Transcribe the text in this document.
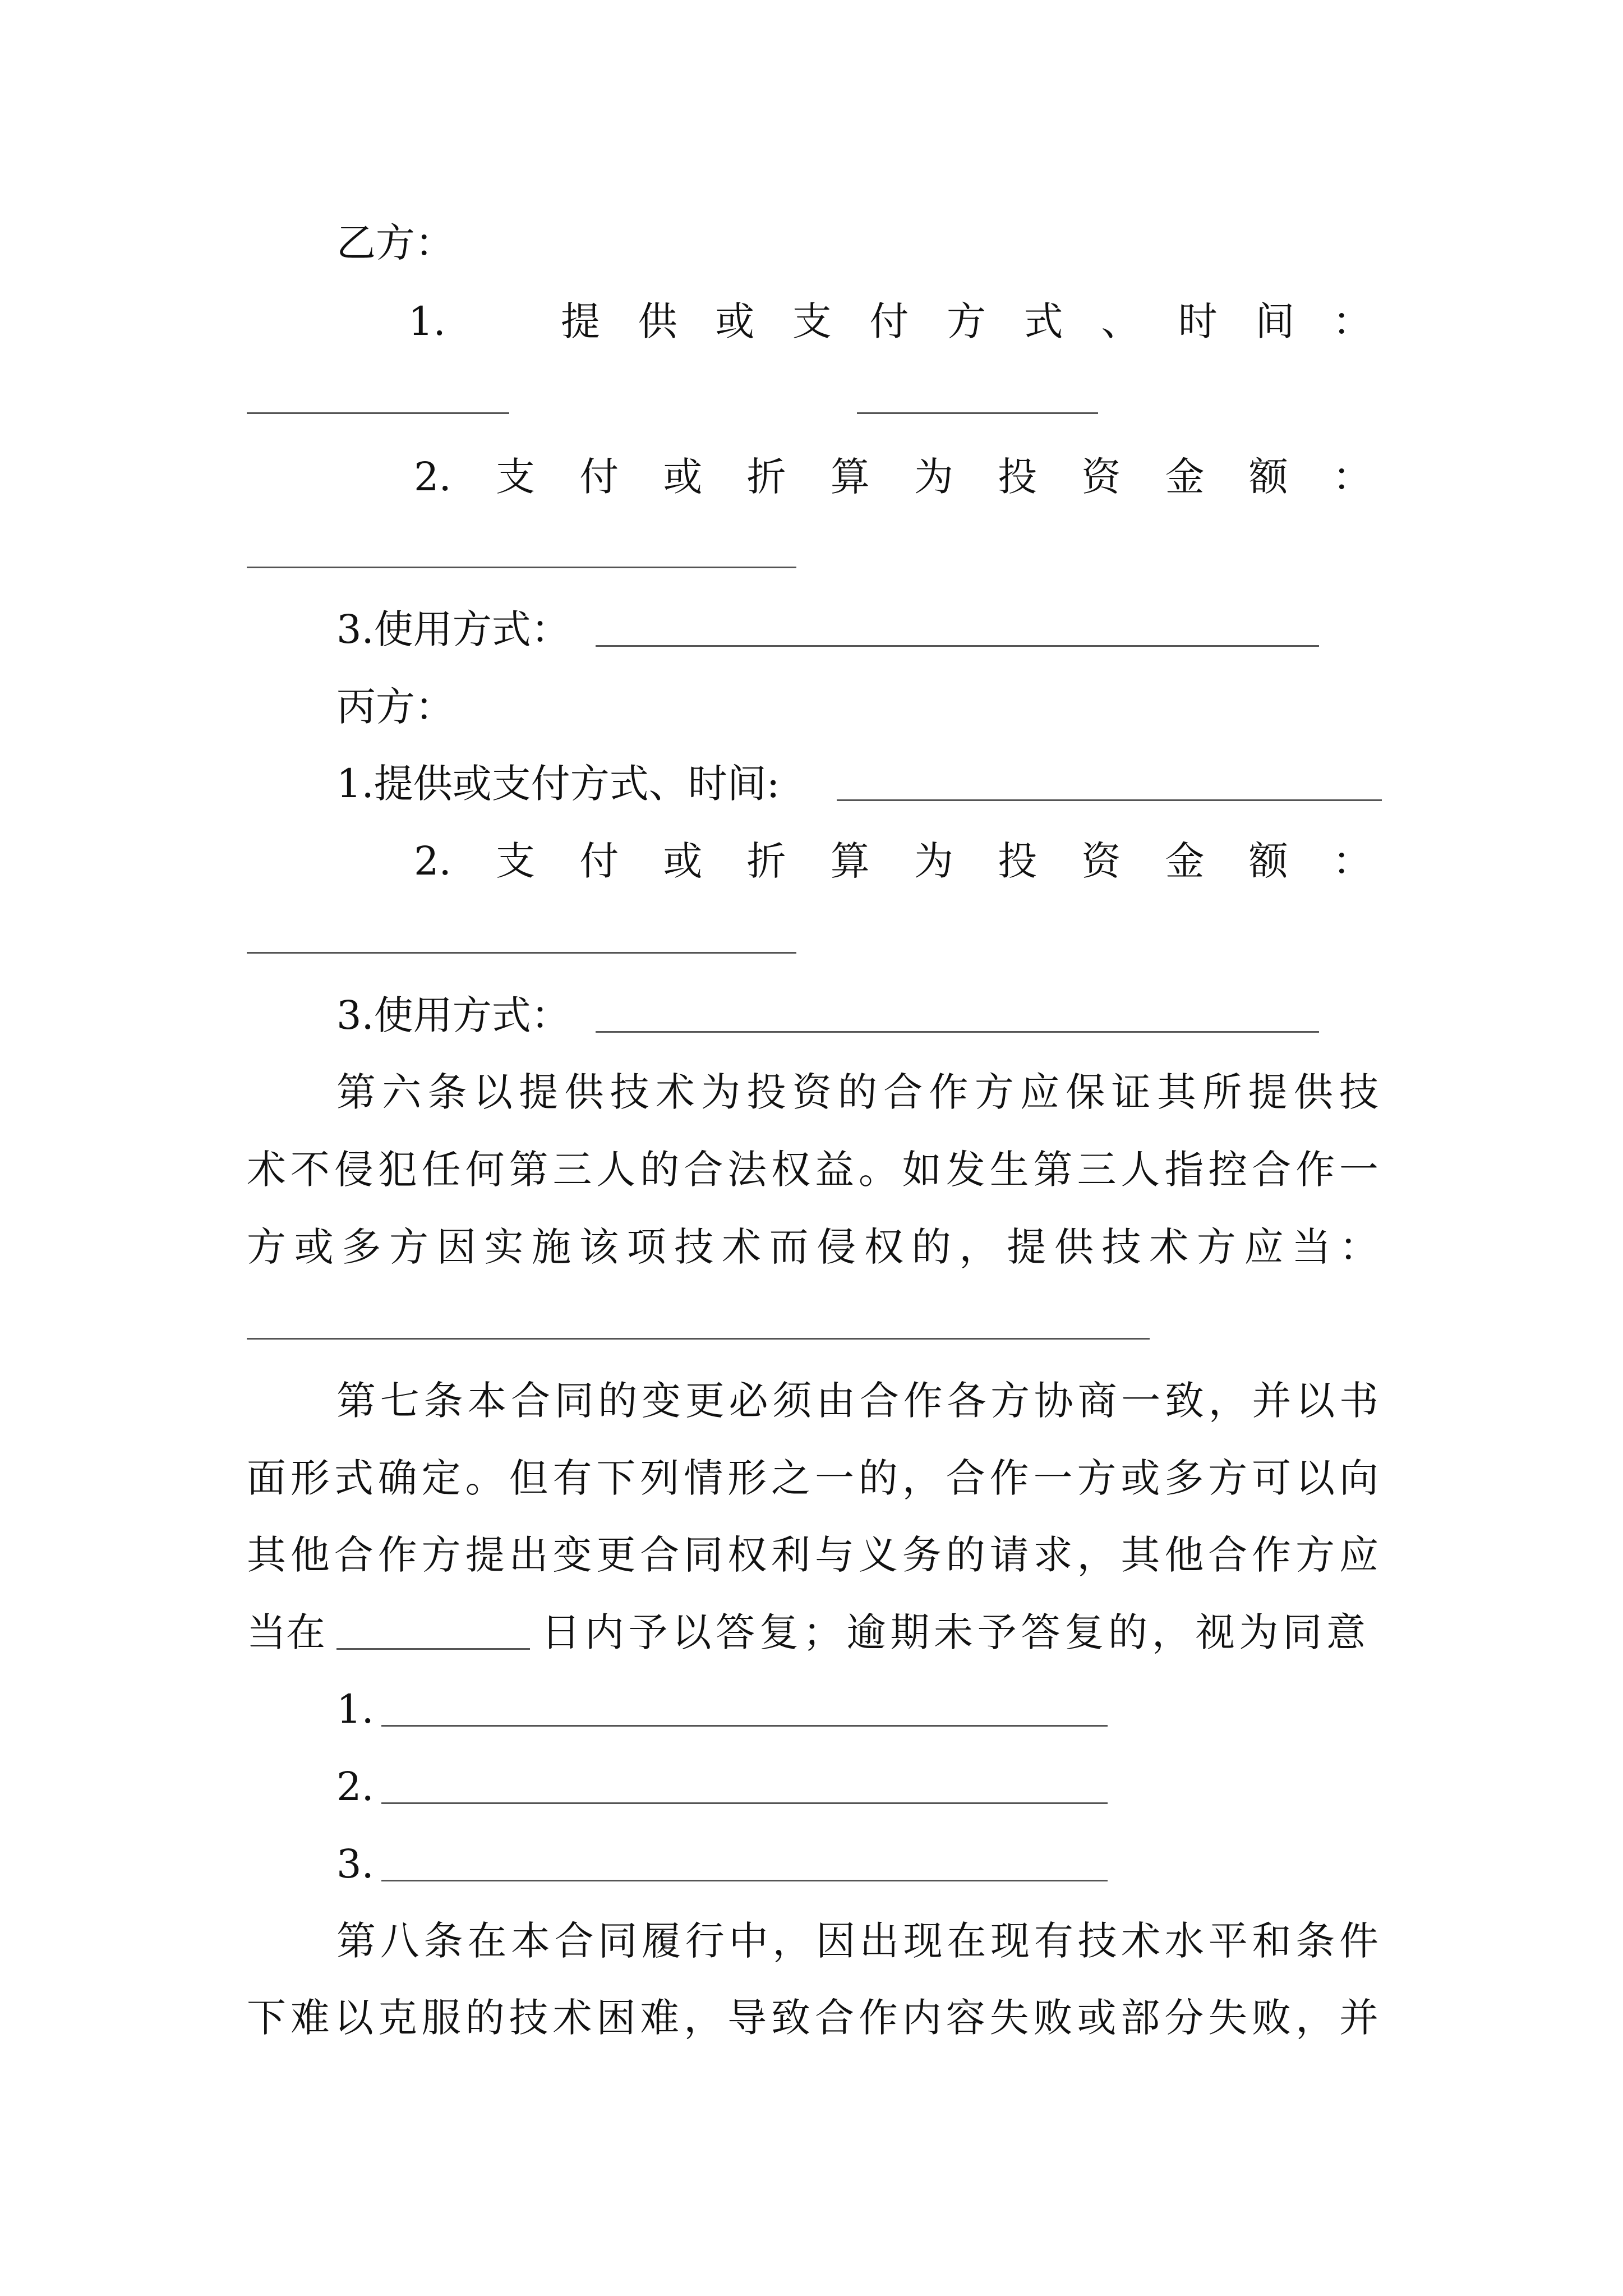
乙方：

1.　提供或支付方式、时间：

2.支付或折算为投资金额：

3.使用方式：

丙方：

1.提供或支付方式、时间:

2.支付或折算为投资金额：

3.使用方式：

第六条以提供技术为投资的合作方应保证其所提供技

术不侵犯任何第三人的合法权益。如发生第三人指控合作一

方或多方因实施该项技术而侵权的，提供技术方应当：

第七条本合同的变更必须由合作各方协商一致，并以书

面形式确定。但有下列情形之一的，合作一方或多方可以向

其他合作方提出变更合同权利与义务的请求，其他合作方应

当在	日内予以答复；逾期未予答复的，视为同意

1.

2.

3.

第八条在本合同履行中，因出现在现有技术水平和条件

下难以克服的技术困难，导致合作内容失败或部分失败，并
